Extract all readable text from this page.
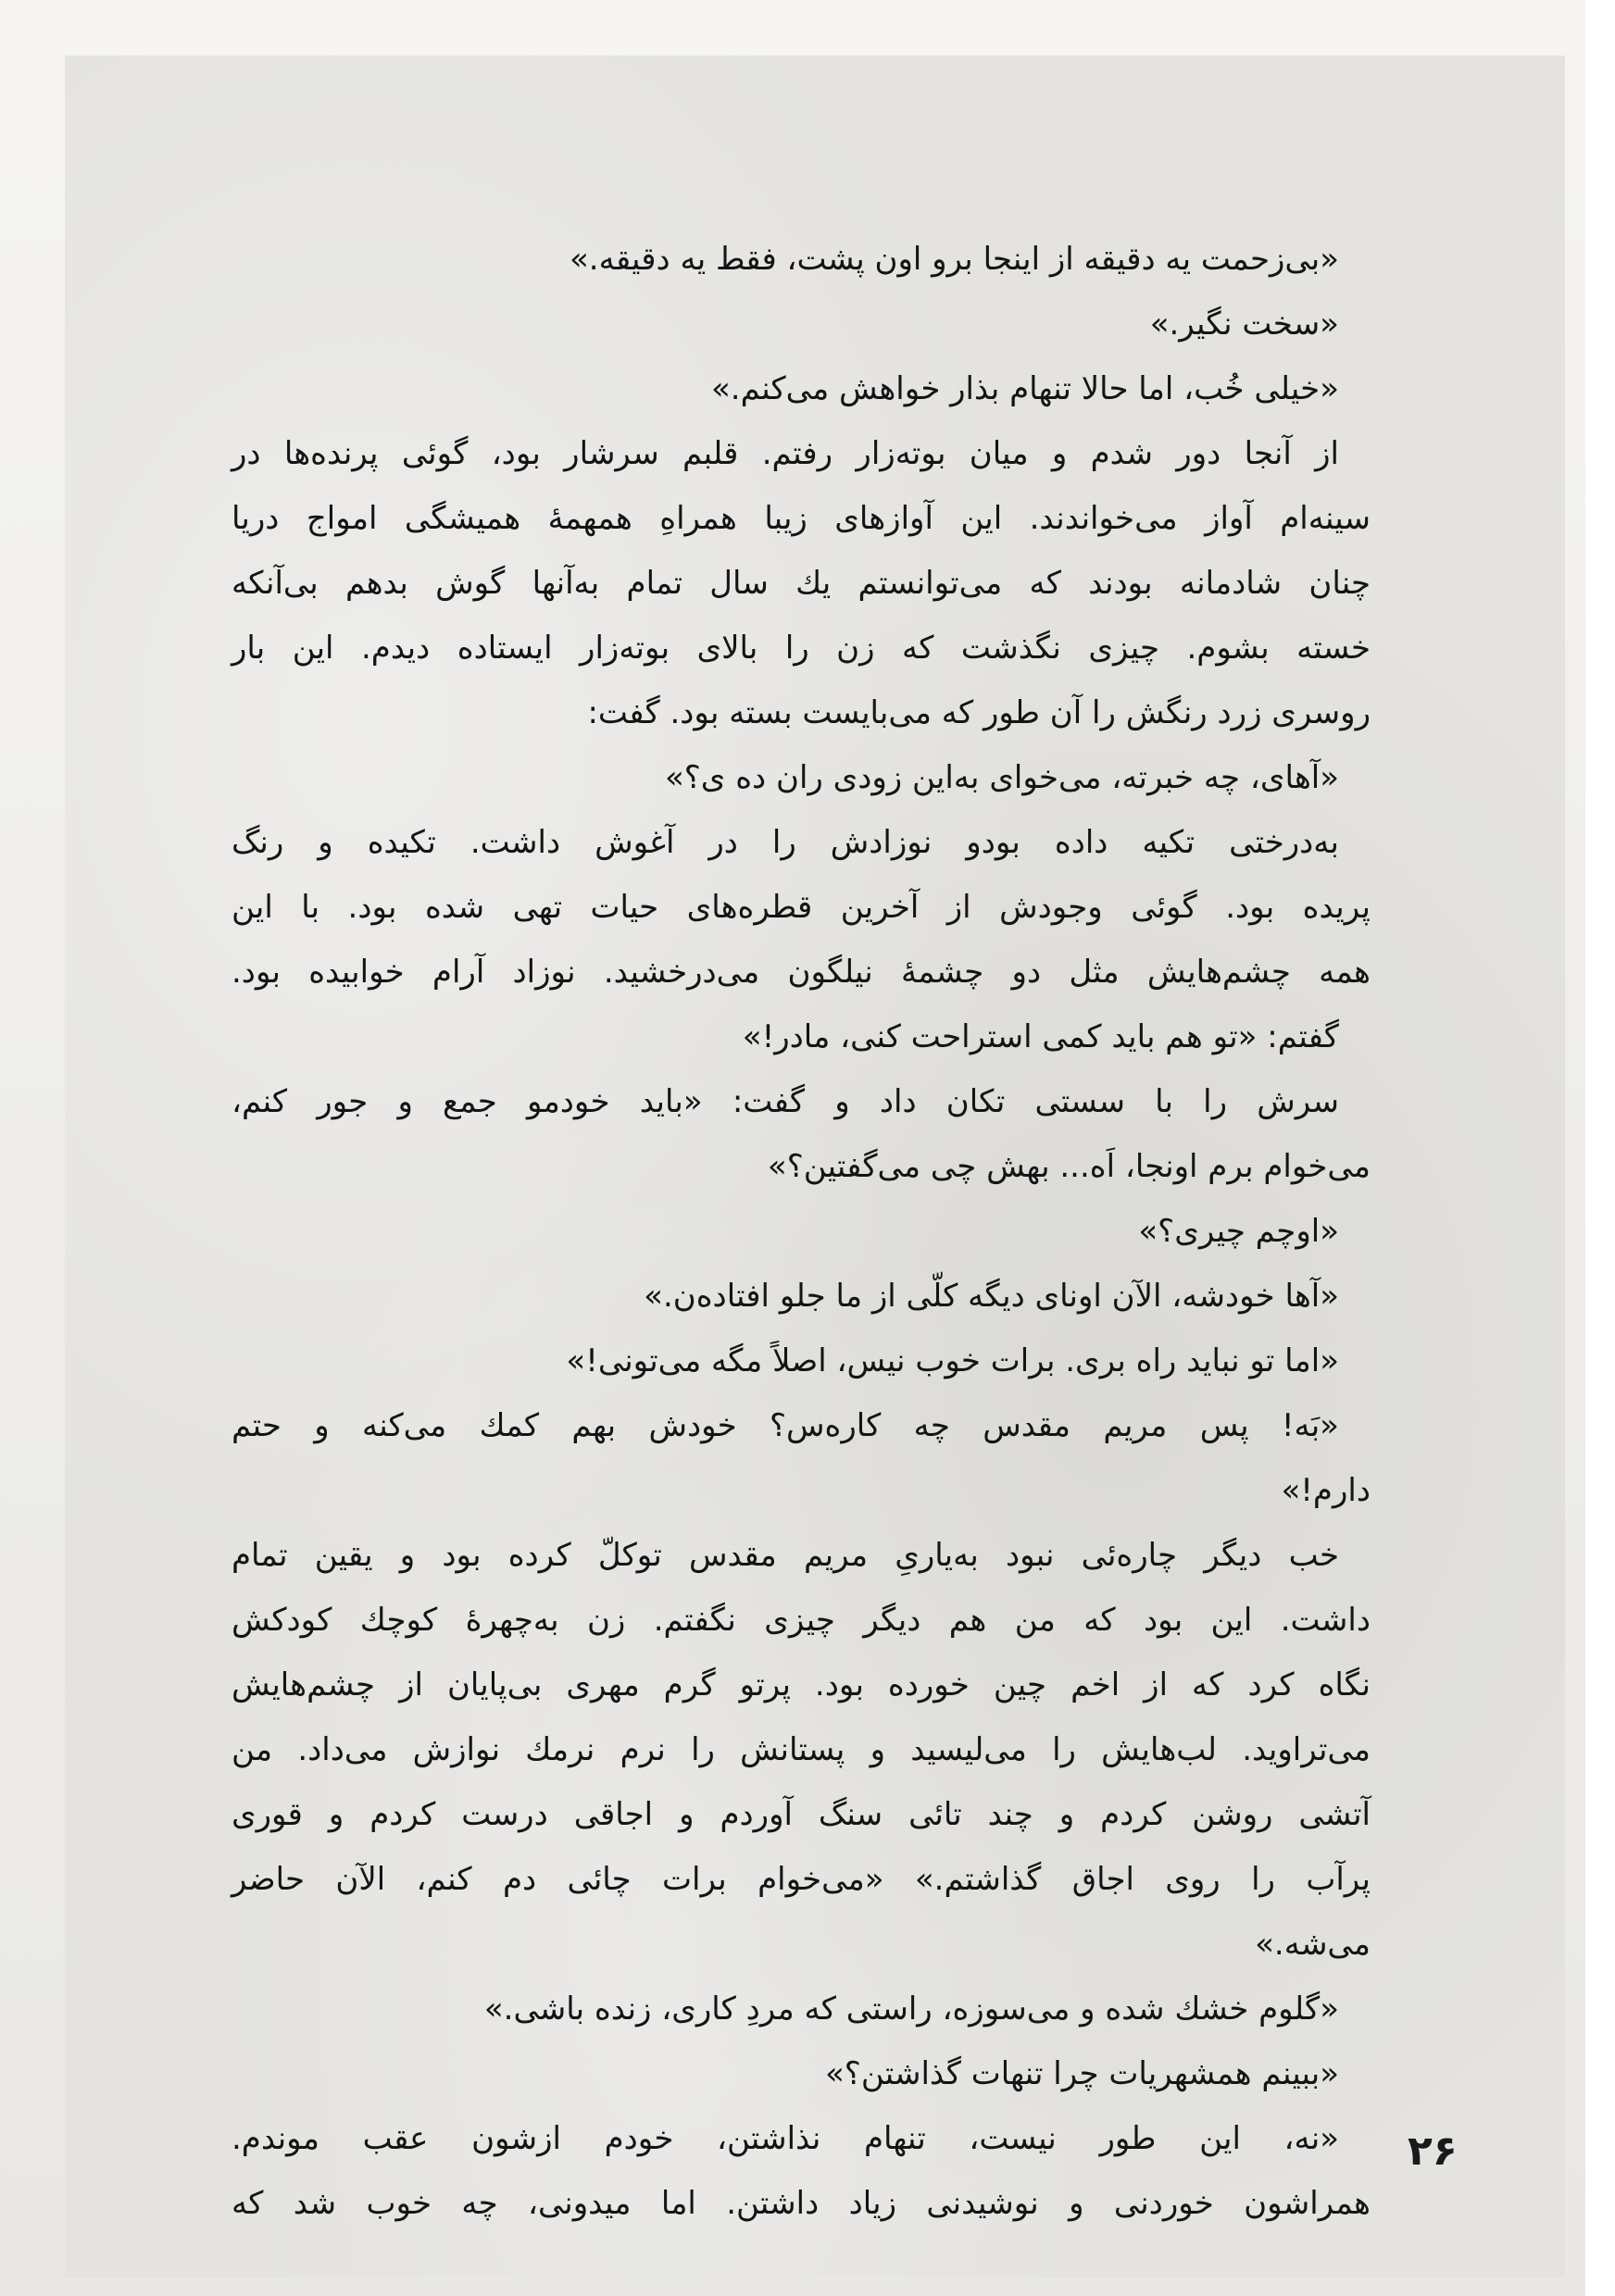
«بی‌زحمت یه دقیقه از اینجا برو اون پشت، فقط یه دقیقه.»
«سخت نگیر.»
«خیلی خُب، اما حالا تنهام بذار خواهش می‌کنم.»
از آنجا دور شدم و میان بوته‌زار رفتم. قلبم سرشار بود، گوئی پرنده‌ها در
سینه‌ام آواز می‌خواندند. این آوازهای زیبا همراهِ همهمهٔ همیشگی امواج دریا
چنان شادمانه بودند که می‌توانستم یك سال تمام به‌آنها گوش بدهم بی‌آنکه
خسته بشوم. چیزی نگذشت که زن را بالای بوته‌زار ایستاده دیدم. این بار
روسری زرد رنگش را آن طور که می‌بایست بسته بود. گفت:
«آهای، چه خبرته، می‌خوای به‌این زودی ران ده ‌ی؟»
به‌درختی تکیه داده بودو نوزادش را در آغوش داشت. تکیده و رنگ
پریده بود. گوئی وجودش از آخرین قطره‌های حیات تهی شده بود. با این
همه چشم‌هایش مثل دو چشمهٔ نیلگون می‌درخشید. نوزاد آرام خوابیده بود.
گفتم: «تو هم باید کمی استراحت کنی، مادر!»
سرش را با سستی تکان داد و گفت: «باید خودمو جمع و جور کنم،
می‌خوام برم اونجا، اَه... بهش چی می‌گفتین؟»
«اوچم چیری؟»
«آها خودشه، الآن اونای دیگه کلّی از ما جلو افتاده‌ن.»
«اما تو نباید راه بری. برات خوب نیس، اصلاً مگه می‌تونی!»
«بَه! پس مریم مقدس چه کاره‌س؟ خودش بهم کمك می‌کنه و حتم
دارم!»
خب دیگر چاره‌ئی نبود به‌یاریِ مریم مقدس توکلّ کرده بود و یقین تمام
داشت. این بود که من هم دیگر چیزی نگفتم. زن به‌چهرهٔ کوچك کودکش
نگاه کرد که از اخم چین خورده بود. پرتو گرم مهری بی‌پایان از چشم‌هایش
می‌تراوید. لب‌هایش را می‌لیسید و پستانش را نرم نرمك نوازش می‌داد. من
آتشی روشن کردم و چند تائی سنگ آوردم و اجاقی درست کردم و قوری
پرآب را روی اجاق گذاشتم.» «می‌خوام برات چائی دم کنم، الآن حاضر
می‌شه.»
«گلوم خشك شده و می‌سوزه، راستی که مردِ کاری، زنده باشی.»
«ببینم همشهریات چرا تنهات گذاشتن؟»
«نه، این طور نیست، تنهام نذاشتن، خودم ازشون عقب موندم.
همراشون خوردنی و نوشیدنی زیاد داشتن. اما میدونی، چه خوب شد که
۲۶
